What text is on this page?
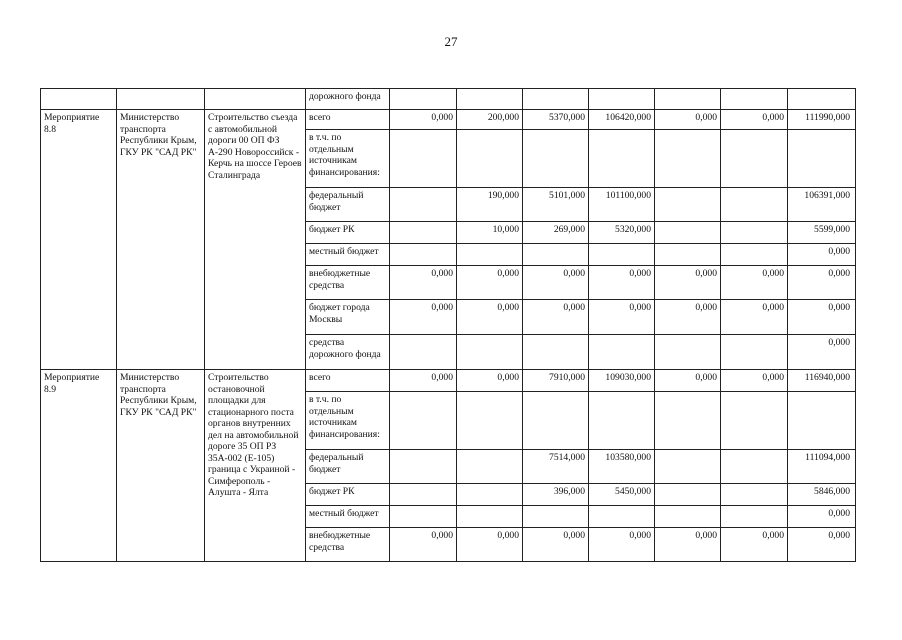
27
			дорожного фонда							
Мероприятие 8.8	Министерство транспорта Республики Крым, ГКУ РК "САД РК"	Строительство съезда с автомобильной дороги 00 ОП ФЗ А-290 Новороссийск - Керчь на шоссе Героев Сталинграда	всего	0,000	200,000	5370,000	106420,000	0,000	0,000	111990,000
			в т.ч. по отдельным источникам финансирования:							
			федеральный бюджет		190,000	5101,000	101100,000			106391,000
			бюджет РК		10,000	269,000	5320,000			5599,000
			местный бюджет							0,000
			внебюджетные средства	0,000	0,000	0,000	0,000	0,000	0,000	0,000
			бюджет города Москвы	0,000	0,000	0,000	0,000	0,000	0,000	0,000
			средства дорожного фонда							0,000
Мероприятие 8.9	Министерство транспорта Республики Крым, ГКУ РК "САД РК"	Строительство остановочной площадки для стационарного поста органов внутренних дел на автомобильной дороге 35 ОП РЗ 35А-002 (Е-105) граница с Украиной - Симферополь - Алушта - Ялта	всего	0,000	0,000	7910,000	109030,000	0,000	0,000	116940,000
			в т.ч. по отдельным источникам финансирования:							
			федеральный бюджет			7514,000	103580,000			111094,000
			бюджет РК			396,000	5450,000			5846,000
			местный бюджет							0,000
			внебюджетные средства	0,000	0,000	0,000	0,000	0,000	0,000	0,000
